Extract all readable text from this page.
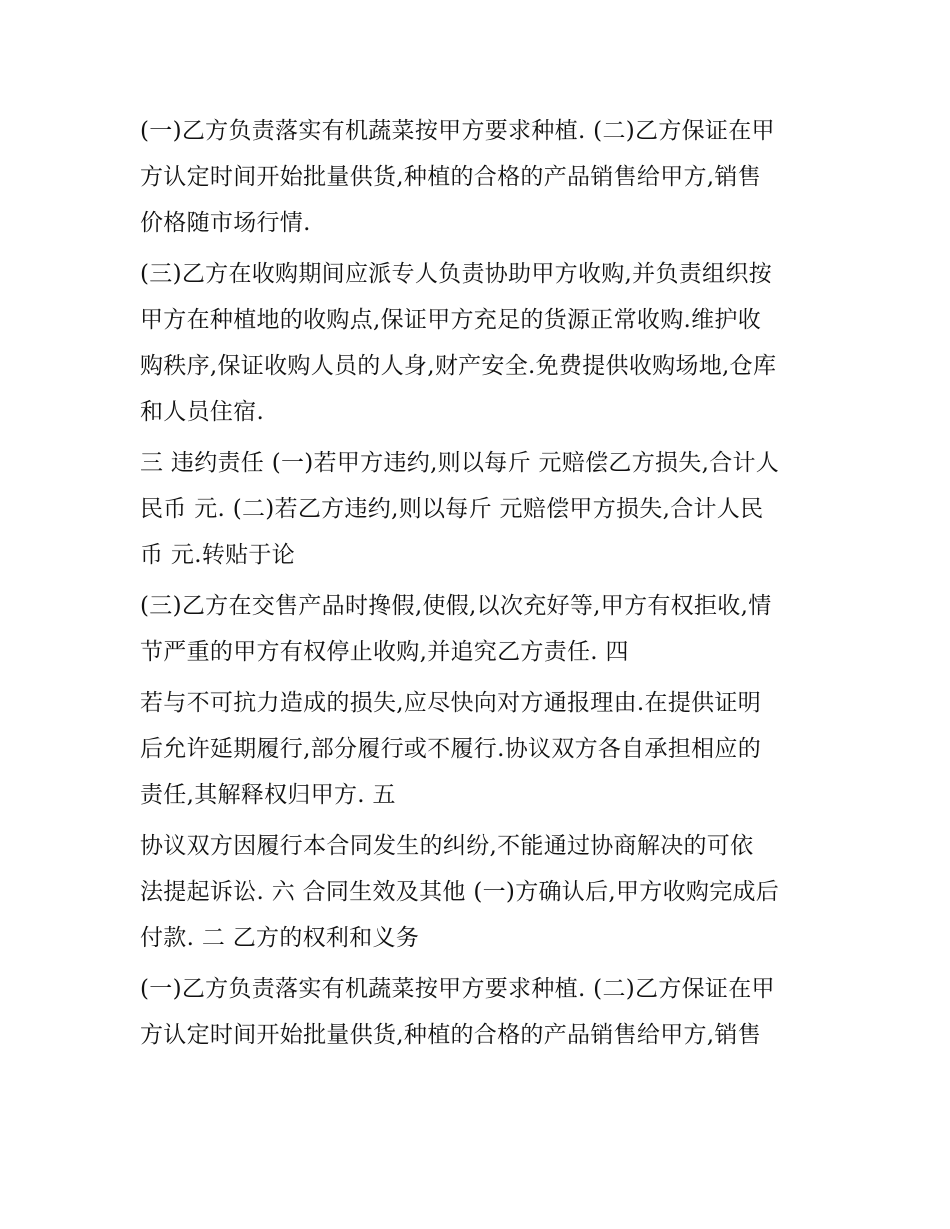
(一)乙方负责落实有机蔬菜按甲方要求种植. (二)乙方保证在甲
方认定时间开始批量供货,种植的合格的产品销售给甲方,销售
价格随市场行情.
(三)乙方在收购期间应派专人负责协助甲方收购,并负责组织按
甲方在种植地的收购点,保证甲方充足的货源正常收购.维护收
购秩序,保证收购人员的人身,财产安全.免费提供收购场地,仓库
和人员住宿.
三 违约责任 (一)若甲方违约,则以每斤 元赔偿乙方损失,合计人
民币 元. (二)若乙方违约,则以每斤 元赔偿甲方损失,合计人民
币 元.转贴于论
(三)乙方在交售产品时搀假,使假,以次充好等,甲方有权拒收,情
节严重的甲方有权停止收购,并追究乙方责任. 四
若与不可抗力造成的损失,应尽快向对方通报理由.在提供证明
后允许延期履行,部分履行或不履行.协议双方各自承担相应的
责任,其解释权归甲方. 五
协议双方因履行本合同发生的纠纷,不能通过协商解决的可依
法提起诉讼. 六 合同生效及其他 (一)方确认后,甲方收购完成后
付款. 二 乙方的权利和义务
(一)乙方负责落实有机蔬菜按甲方要求种植. (二)乙方保证在甲
方认定时间开始批量供货,种植的合格的产品销售给甲方,销售
